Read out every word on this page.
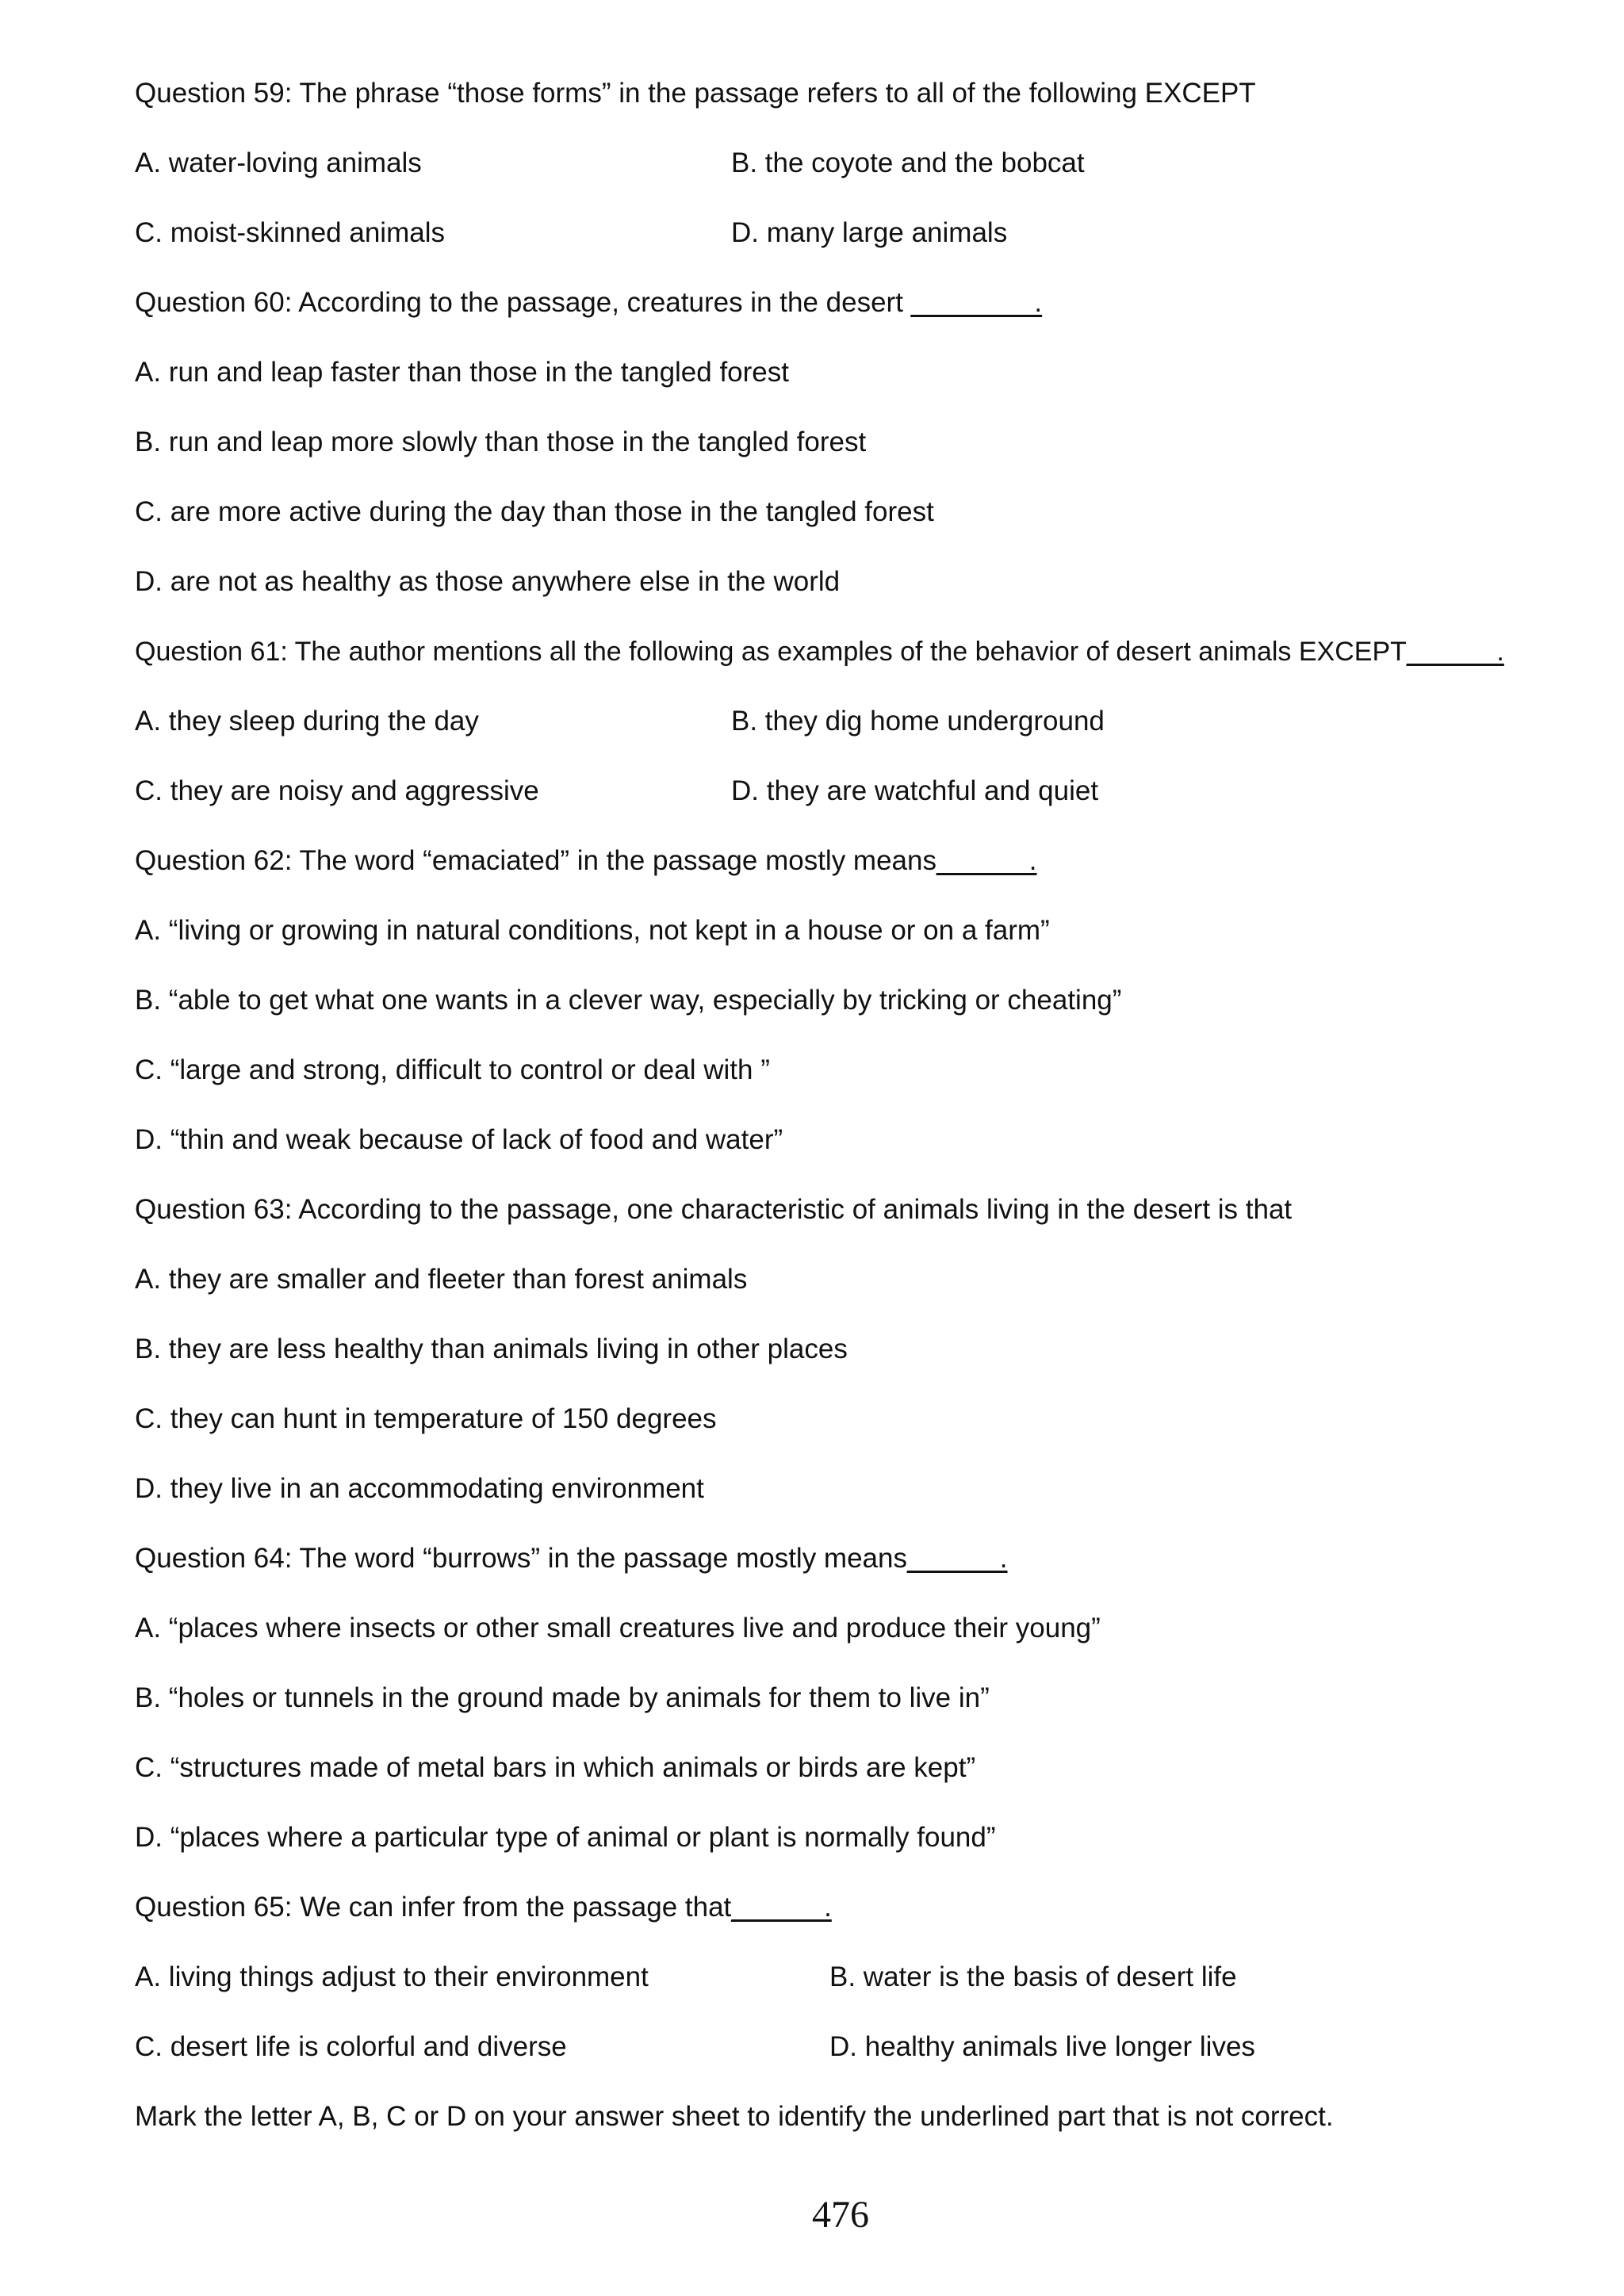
Question 59: The phrase “those forms” in the passage refers to all of the following EXCEPT
A. water-loving animals	B. the coyote and the bobcat
C. moist-skinned animals	D. many large animals
Question 60: According to the passage, creatures in the desert ________.
A. run and leap faster than those in the tangled forest
B. run and leap more slowly than those in the tangled forest
C. are more active during the day than those in the tangled forest
D. are not as healthy as those anywhere else in the world
Question 61: The author mentions all the following as examples of the behavior of desert animals EXCEPT______.
A. they sleep during the day	B. they dig home underground
C. they are noisy and aggressive	D. they are watchful and quiet
Question 62: The word “emaciated” in the passage mostly means______.
A. “living or growing in natural conditions, not kept in a house or on a farm”
B. “able to get what one wants in a clever way, especially by tricking or cheating”
C. “large and strong, difficult to control or deal with ”
D. “thin and weak because of lack of food and water”
Question 63: According to the passage, one characteristic of animals living in the desert is that
A. they are smaller and fleeter than forest animals
B. they are less healthy than animals living in other places
C. they can hunt in temperature of 150 degrees
D. they live in an accommodating environment
Question 64: The word “burrows” in the passage mostly means______.
A. “places where insects or other small creatures live and produce their young”
B. “holes or tunnels in the ground made by animals for them to live in”
C. “structures made of metal bars in which animals or birds are kept”
D. “places where a particular type of animal or plant is normally found”
Question 65: We can infer from the passage that______.
A. living things adjust to their environment	B. water is the basis of desert life
C. desert life is colorful and diverse	D. healthy animals live longer lives
Mark the letter A, B, C or D on your answer sheet to identify the underlined part that is not correct.
476
